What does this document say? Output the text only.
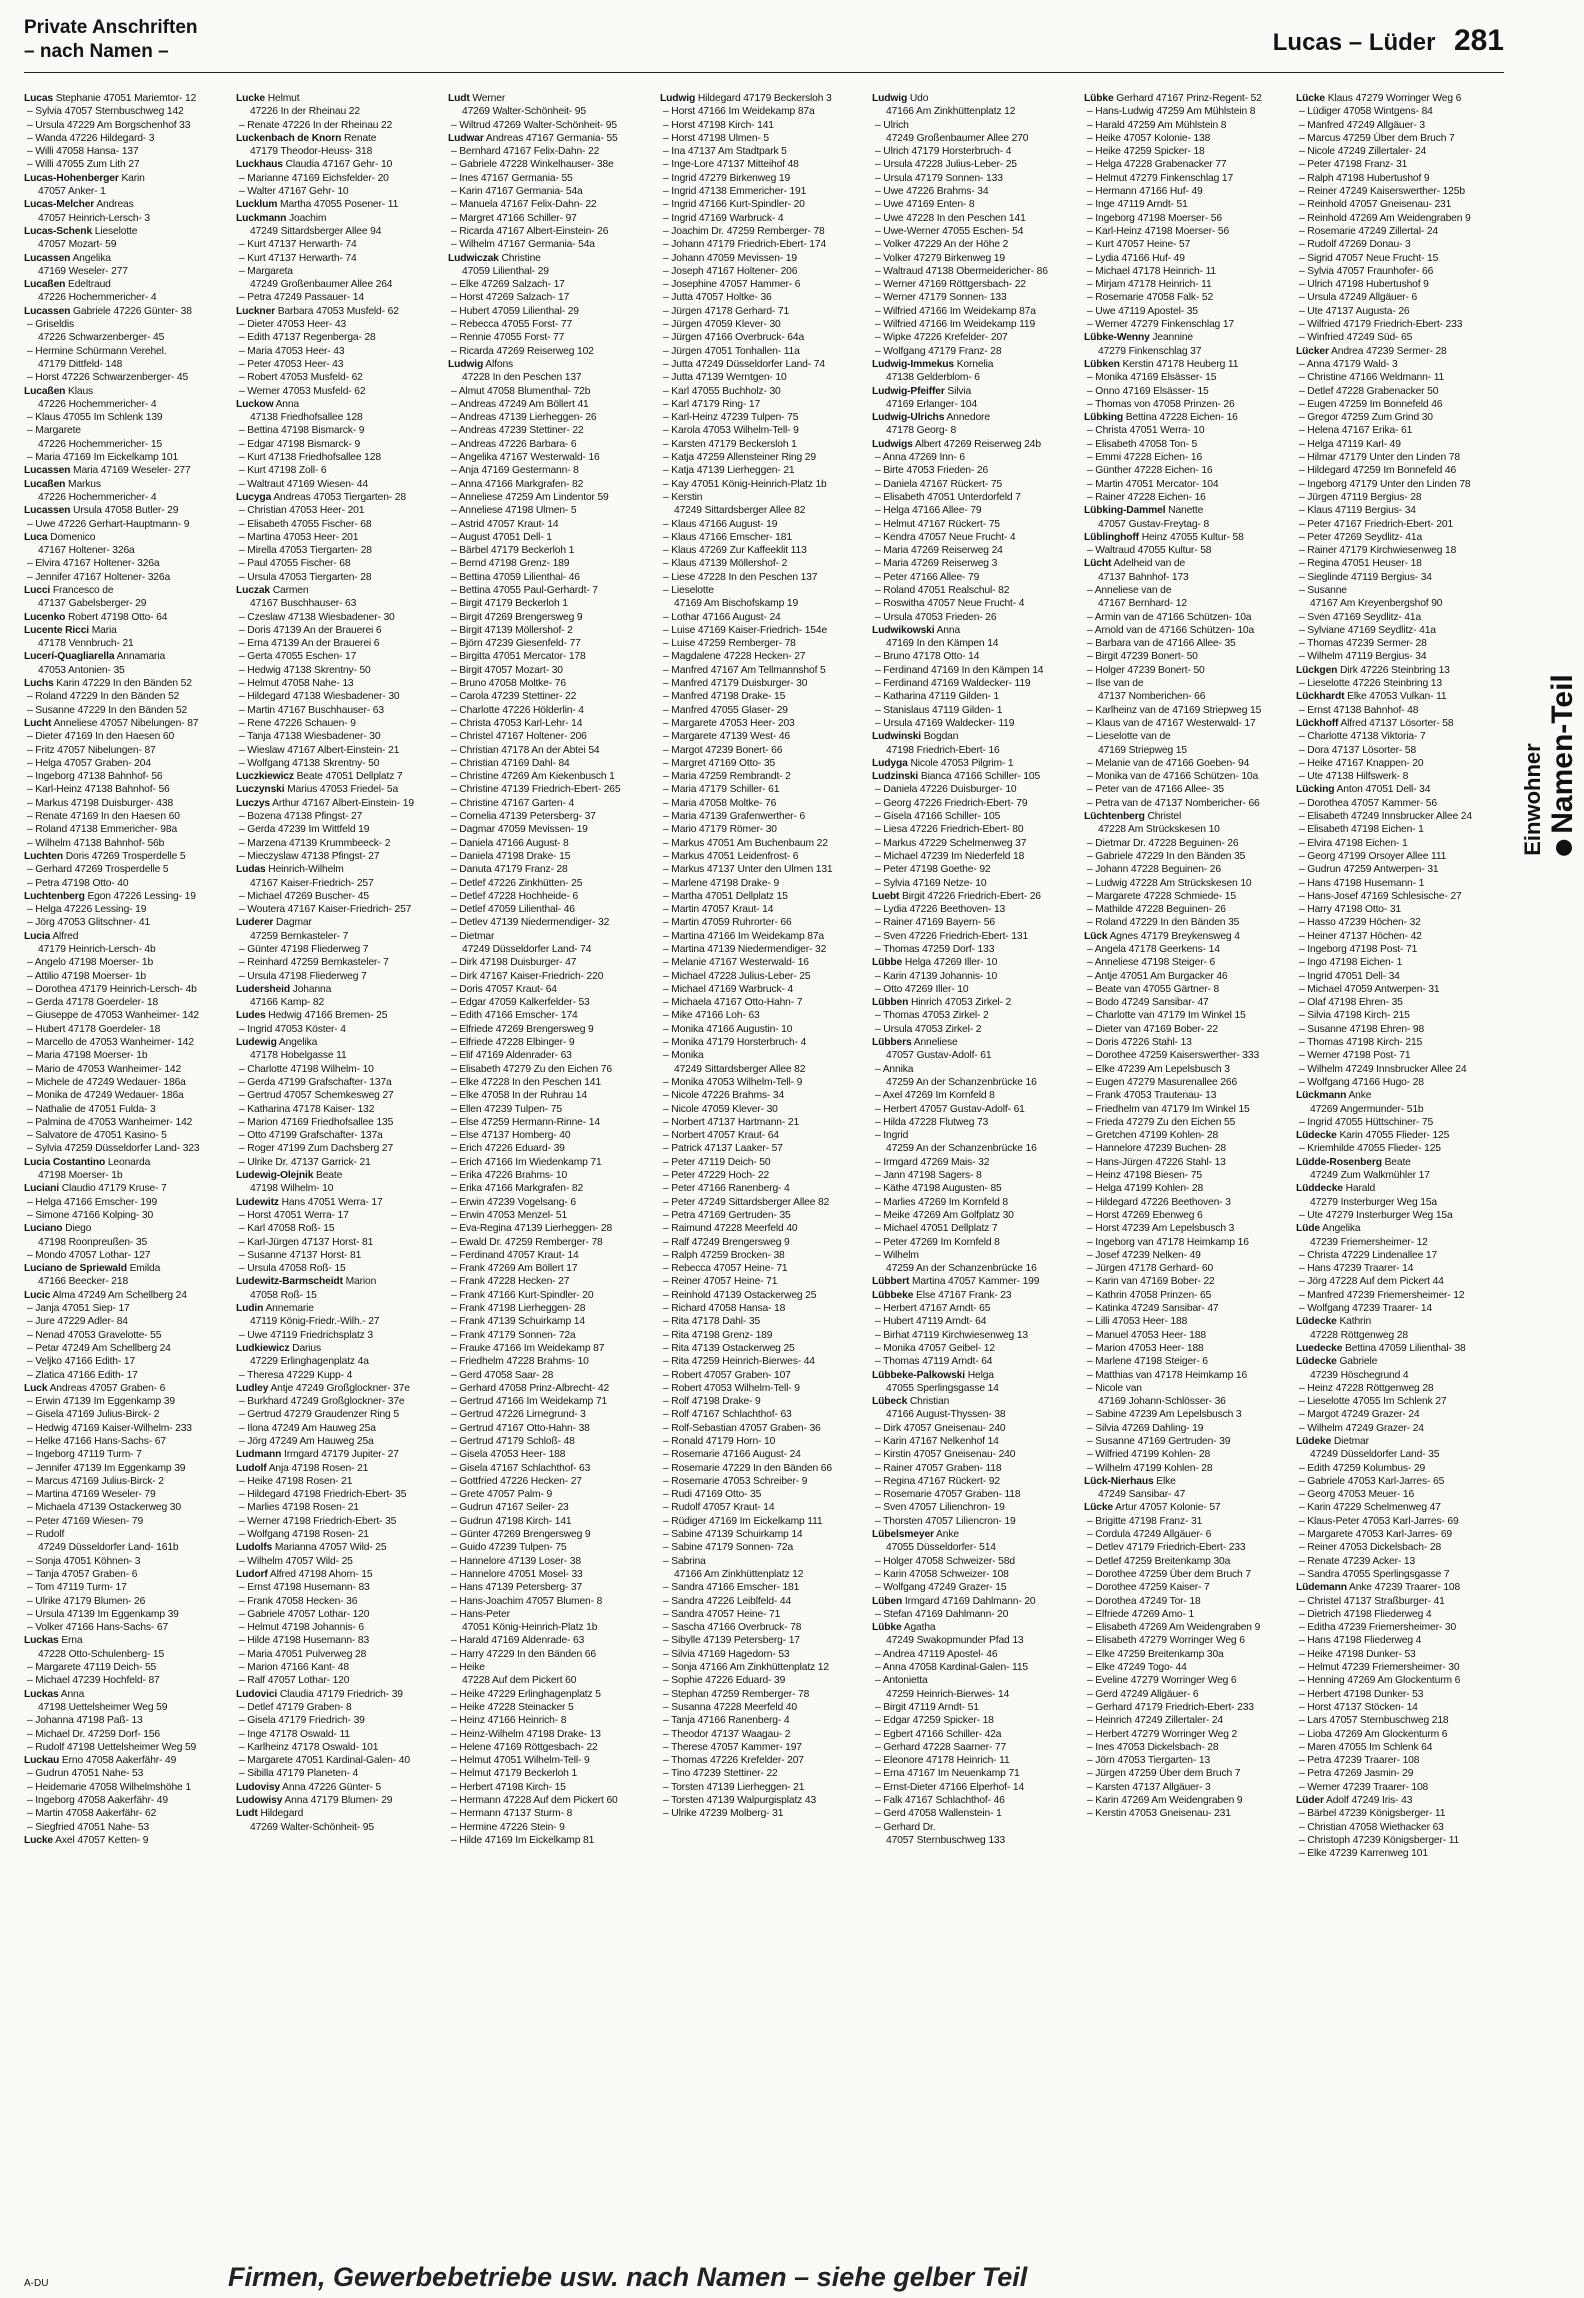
Private Anschriften
– nach Namen –	Lucas – Lüder 281
Lucas Stephanie 47051 Mariemtor- 12
– Sylvia 47057 Sternbuschweg 142
– Ursula 47229 Am Borgschenhof 33
– Wanda 47226 Hildegard- 3
– Willi 47058 Hansa- 137
– Willi 47055 Zum Lith 27
Lucas-Hohenberger Karin
47057 Anker- 1
Lucas-Melcher Andreas
47057 Heinrich-Lersch- 3
Lucas-Schenk Lieselotte
47057 Mozart- 59
Lucassen Angelika
47169 Weseler- 277
Lucaßen Edeltraud
47226 Hochemmericher- 4
Lucassen Gabriele 47226 Günter- 38
– Griseldis
47226 Schwarzenberger- 45
– Hermine Schürmann Verehel.
47179 Dittfeld- 148
– Horst 47226 Schwarzenberger- 45
Lucaßen Klaus
47226 Hochemmericher- 4
– Klaus 47055 Im Schlenk 139
– Margarete
47226 Hochemmericher- 15
– Maria 47169 Im Eickelkamp 101
Lucassen Maria 47169 Weseler- 277
Lucaßen Markus
47226 Hochemmericher- 4
Lucassen Ursula 47058 Butler- 29
– Uwe 47226 Gerhart-Hauptmann- 9
Luca Domenico
47167 Holtener- 326a
– Elvira 47167 Holtener- 326a
– Jennifer 47167 Holtener- 326a
Lucci Francesco de
47137 Gabelsberger- 29
Lucenko Robert 47198 Otto- 64
Lucente Ricci Maria
47178 Vennbruch- 21
Lucerí-Quagliarella Annamaria
47053 Antonien- 35
Luchs Karin 47229 In den Bänden 52
– Roland 47229 In den Bänden 52
– Susanne 47229 In den Bänden 52
Lucht Anneliese 47057 Nibelungen- 87
– Dieter 47169 In den Haesen 60
– Fritz 47057 Nibelungen- 87
– Helga 47057 Graben- 204
– Ingeborg 47138 Bahnhof- 56
– Karl-Heinz 47138 Bahnhof- 56
– Markus 47198 Duisburger- 438
– Renate 47169 In den Haesen 60
– Roland 47138 Emmericher- 98a
– Wilhelm 47138 Bahnhof- 56b
Luchten Doris 47269 Trosperdelle 5
– Gerhard 47269 Trosperdelle 5
– Petra 47198 Otto- 40
Luchtenberg Egon 47226 Lessing- 19
– Helga 47226 Lessing- 19
– Jörg 47053 Glitschner- 41
Lucia Alfred
47179 Heinrich-Lersch- 4b
– Angelo 47198 Moerser- 1b
– Attilio 47198 Moerser- 1b
– Dorothea 47179 Heinrich-Lersch- 4b
– Gerda 47178 Goerdeler- 18
– Giuseppe de 47053 Wanheimer- 142
– Hubert 47178 Goerdeler- 18
– Marcello de 47053 Wanheimer- 142
– Maria 47198 Moerser- 1b
– Mario de 47053 Wanheimer- 142
– Michele de 47249 Wedauer- 186a
– Monika de 47249 Wedauer- 186a
– Nathalie de 47051 Fulda- 3
– Palmina de 47053 Wanheimer- 142
– Salvatore de 47051 Kasino- 5
– Sylvia 47259 Düsseldorfer Land- 323
Lucia Costantino Leonarda
47198 Moerser- 1b
Luciani Claudio 47179 Kruse- 7
– Helga 47166 Emscher- 199
– Simone 47166 Kolping- 30
Luciano Diego
47198 Roonpreußen- 35
– Mondo 47057 Lothar- 127
Luciano de Spriewald Emilda
47166 Beecker- 218
Lucic Alma 47249 Am Schellberg 24
– Janja 47051 Siep- 17
– Jure 47229 Adler- 84
– Nenad 47053 Gravelotte- 55
– Petar 47249 Am Schellberg 24
– Veljko 47166 Edith- 17
– Zlatica 47166 Edith- 17
Luck Andreas 47057 Graben- 6
– Erwin 47139 Im Eggenkamp 39
– Gisela 47169 Julius-Birck- 2
– Hedwig 47169 Kaiser-Wilhelm- 233
– Helke 47166 Hans-Sachs- 67
– Ingeborg 47119 Turm- 7
– Jennifer 47139 Im Eggenkamp 39
– Marcus 47169 Julius-Birck- 2
– Martina 47169 Weseler- 79
– Michaela 47139 Ostackerweg 30
– Peter 47169 Wiesen- 79
– Rudolf
47249 Düsseldorfer Land- 161b
– Sonja 47051 Köhnen- 3
– Tanja 47057 Graben- 6
– Tom 47119 Turm- 17
– Ulrike 47179 Blumen- 26
– Ursula 47139 Im Eggenkamp 39
– Volker 47166 Hans-Sachs- 67
Luckas Erna
47228 Otto-Schulenberg- 15
– Margarete 47119 Deich- 55
– Michael 47239 Hochfeld- 87
Luckas Anna
47198 Uettelsheimer Weg 59
– Johanna 47198 Paß- 13
– Michael Dr. 47259 Dorf- 156
– Rudolf 47198 Uettelsheimer Weg 59
Luckau Erno 47058 Aakerfähr- 49
– Gudrun 47051 Nahe- 53
– Heidemarie 47058 Wilhelmshöhe 1
– Ingeborg 47058 Aakerfähr- 49
– Martin 47058 Aakerfähr- 62
– Siegfried 47051 Nahe- 53
Lucke Axel 47057 Ketten- 9
Lucke Helmut
47226 In der Rheinau 22
– Renate 47226 In der Rheinau 22
Luckenbach de Knorn Renate
47179 Theodor-Heuss- 318
Luckhaus Claudia 47167 Gehr- 10
– Marianne 47169 Eichsfelder- 20
– Walter 47167 Gehr- 10
Lucklum Martha 47055 Posener- 11
Luckmann Joachim
47249 Sittardsberger Allee 94
– Kurt 47137 Herwarth- 74
– Kurt 47137 Herwarth- 74
– Margareta
47249 Großenbaumer Allee 264
– Petra 47249 Passauer- 14
Luckner Barbara 47053 Musfeld- 62
– Dieter 47053 Heer- 43
– Edith 47137 Regenberga- 28
– Maria 47053 Heer- 43
– Peter 47053 Heer- 43
– Robert 47053 Musfeld- 62
– Werner 47053 Musfeld- 62
Luckow Anna
47138 Friedhofsallee 128
– Bettina 47198 Bismarck- 9
– Edgar 47198 Bismarck- 9
– Kurt 47138 Friedhofsallee 128
– Kurt 47198 Zoll- 6
– Waltraut 47169 Wiesen- 44
Lucyga Andreas 47053 Tiergarten- 28
– Christian 47053 Heer- 201
– Elisabeth 47055 Fischer- 68
– Martina 47053 Heer- 201
– Mirella 47053 Tiergarten- 28
– Paul 47055 Fischer- 68
– Ursula 47053 Tiergarten- 28
Luczak Carmen
47167 Buschhauser- 63
– Czeslaw 47138 Wiesbadener- 30
– Doris 47139 An der Brauerei 6
– Erna 47139 An der Brauerei 6
– Gerta 47055 Eschen- 17
– Hedwig 47138 Skrentny- 50
– Helmut 47058 Nahe- 13
– Hildegard 47138 Wiesbadener- 30
– Martin 47167 Buschhauser- 63
– Rene 47226 Schauen- 9
– Tanja 47138 Wiesbadener- 30
– Wieslaw 47167 Albert-Einstein- 21
– Wolfgang 47138 Skrentny- 50
Luczkiewicz Beate 47051 Dellplatz 7
Luczynski Marius 47053 Friedel- 5a
Luczys Arthur 47167 Albert-Einstein- 19
– Bozena 47138 Pfingst- 27
– Gerda 47239 Im Wittfeld 19
– Marzena 47139 Krummbeeck- 2
– Mieczyslaw 47138 Pfingst- 27
Ludas Heinrich-Wilhelm
47167 Kaiser-Friedrich- 257
– Michael 47269 Buscher- 45
– Woutera 47167 Kaiser-Friedrich- 257
Luderer Dagmar
47259 Bernkasteler- 7
– Günter 47198 Fliederweg 7
– Reinhard 47259 Bernkasteler- 7
– Ursula 47198 Fliederweg 7
Ludersheid Johanna
47166 Kamp- 82
Ludes Hedwig 47166 Bremen- 25
– Ingrid 47053 Köster- 4
Ludewig Angelika
47178 Hobelgasse 11
– Charlotte 47198 Wilhelm- 10
– Gerda 47199 Grafschafter- 137a
– Gertrud 47057 Schemkesweg 27
– Katharina 47178 Kaiser- 132
– Marion 47169 Friedhofsallee 135
– Otto 47199 Grafschafter- 137a
– Roger 47199 Zum Dachsberg 27
– Ulrike Dr. 47137 Garrick- 21
Ludewig-Olejnik Beate
47198 Wilhelm- 10
Ludewitz Hans 47051 Werra- 17
– Horst 47051 Werra- 17
– Karl 47058 Roß- 15
– Karl-Jürgen 47137 Horst- 81
– Susanne 47137 Horst- 81
– Ursula 47058 Roß- 15
Ludewitz-Barmscheidt Marion
47058 Roß- 15
Ludin Annemarie
47119 König-Friedr.-Wilh.- 27
– Uwe 47119 Friedrichsplatz 3
Ludkiewicz Darius
47229 Erlinghagenplatz 4a
– Theresa 47229 Kupp- 4
Ludley Antje 47249 Großglockner- 37e
– Burkhard 47249 Großglockner- 37e
– Gertrud 47279 Graudenzer Ring 5
– Ilona 47249 Am Hauweg 25a
– Jörg 47249 Am Hauweg 25a
Ludmann Irmgard 47179 Jupiter- 27
Ludolf Anja 47198 Rosen- 21
– Heike 47198 Rosen- 21
– Hildegard 47198 Friedrich-Ebert- 35
– Marlies 47198 Rosen- 21
– Werner 47198 Friedrich-Ebert- 35
– Wolfgang 47198 Rosen- 21
Ludolfs Marianna 47057 Wild- 25
– Wilhelm 47057 Wild- 25
Ludorf Alfred 47198 Ahorn- 15
– Ernst 47198 Husemann- 83
– Frank 47058 Hecken- 36
– Gabriele 47057 Lothar- 120
– Helmut 47198 Johannis- 6
– Hilde 47198 Husemann- 83
– Maria 47051 Pulverweg 28
– Marion 47166 Kant- 48
– Ralf 47057 Lothar- 120
Ludovici Claudia 47179 Friedrich- 39
– Detlef 47179 Graben- 8
– Gisela 47179 Friedrich- 39
– Inge 47178 Oswald- 11
– Karlheinz 47178 Oswald- 101
– Margarete 47051 Kardinal-Galen- 40
– Sibilla 47179 Planeten- 4
Ludovisy Anna 47226 Günter- 5
Ludowisy Anna 47179 Blumen- 29
Ludt Hildegard
47269 Walter-Schönheit- 95
Ludt Werner
47269 Walter-Schönheit- 95
– Wiltrud 47269 Walter-Schönheit- 95
Ludwar Andreas 47167 Germania- 55
– Bernhard 47167 Felix-Dahn- 22
– Gabriele 47228 Winkelhauser- 38e
– Ines 47167 Germania- 55
– Karin 47167 Germania- 54a
– Manuela 47167 Felix-Dahn- 22
– Margret 47166 Schiller- 97
– Ricarda 47167 Albert-Einstein- 26
– Wilhelm 47167 Germania- 54a
Ludwiczak Christine
47059 Lilienthal- 29
– Elke 47269 Salzach- 17
– Horst 47269 Salzach- 17
– Hubert 47059 Lilienthal- 29
– Rebecca 47055 Forst- 77
– Rennie 47055 Forst- 77
– Ricarda 47269 Reiserweg 102
Ludwig Alfons
47228 In den Peschen 137
– Almut 47058 Blumenthal- 72b
– Andreas 47249 Am Böllert 41
– Andreas 47139 Lierheggen- 26
– Andreas 47239 Stettiner- 22
– Andreas 47226 Barbara- 6
– Angelika 47167 Westerwald- 16
– Anja 47169 Gestermann- 8
– Anna 47166 Markgrafen- 82
– Anneliese 47259 Am Lindentor 59
– Anneliese 47198 Ulmen- 5
– Astrid 47057 Kraut- 14
– August 47051 Dell- 1
– Bärbel 47179 Beckerloh 1
– Bernd 47198 Grenz- 189
– Bettina 47059 Lilienthal- 46
– Bettina 47055 Paul-Gerhardt- 7
– Birgit 47179 Beckerloh 1
– Birgit 47269 Brengersweg 9
– Birgit 47139 Möllershof- 2
– Björn 47239 Giesenfeld- 77
– Birgitta 47051 Mercator- 178
– Birgit 47057 Mozart- 30
– Bruno 47058 Moltke- 76
– Carola 47239 Stettiner- 22
– Charlotte 47226 Hölderlin- 4
– Christa 47053 Karl-Lehr- 14
– Christel 47167 Holtener- 206
– Christian 47178 An der Abtei 54
– Christian 47169 Dahl- 84
– Christine 47269 Am Kiekenbusch 1
– Christine 47139 Friedrich-Ebert- 265
– Christine 47167 Garten- 4
– Cornelia 47139 Petersberg- 37
– Dagmar 47059 Mevissen- 19
– Daniela 47166 August- 8
– Daniela 47198 Drake- 15
– Danuta 47179 Franz- 28
– Detlef 47226 Zinkhütten- 25
– Detlef 47228 Hochheide- 6
– Detlef 47059 Lilienthal- 46
– Detlev 47139 Niedermendiger- 32
– Dietmar
47249 Düsseldorfer Land- 74
– Dirk 47198 Duisburger- 47
– Dirk 47167 Kaiser-Friedrich- 220
– Doris 47057 Kraut- 64
– Edgar 47059 Kalkerfelder- 53
– Edith 47166 Emscher- 174
– Elfriede 47269 Brengersweg 9
– Elfriede 47228 Elbinger- 9
– Elif 47169 Aldenrader- 63
– Elisabeth 47279 Zu den Eichen 76
– Elke 47228 In den Peschen 141
– Elke 47058 In der Ruhrau 14
– Ellen 47239 Tulpen- 75
– Else 47259 Hermann-Rinne- 14
– Else 47137 Homberg- 40
– Erich 47226 Eduard- 39
– Erich 47166 Im Wiedenkamp 71
– Erika 47226 Brahms- 10
– Erika 47166 Markgrafen- 82
– Erwin 47239 Vogelsang- 6
– Erwin 47053 Menzel- 51
– Eva-Regina 47139 Lierheggen- 28
– Ewald Dr. 47259 Remberger- 78
– Ferdinand 47057 Kraut- 14
– Frank 47269 Am Böllert 17
– Frank 47228 Hecken- 27
– Frank 47166 Kurt-Spindler- 20
– Frank 47198 Lierheggen- 28
– Frank 47139 Schuirkamp 14
– Frank 47179 Sonnen- 72a
– Frauke 47166 Im Weidekamp 87
– Friedhelm 47228 Brahms- 10
– Gerd 47058 Saar- 28
– Gerhard 47058 Prinz-Albrecht- 42
– Gertrud 47166 Im Weidekamp 71
– Gertrud 47226 Lirnegrund- 3
– Gertrud 47167 Otto-Hahn- 38
– Gertrud 47179 Schloß- 48
– Gisela 47053 Heer- 188
– Gisela 47167 Schlachthof- 63
– Gottfried 47226 Hecken- 27
– Grete 47057 Palm- 9
– Gudrun 47167 Seiler- 23
– Gudrun 47198 Kirch- 141
– Günter 47269 Brengersweg 9
– Guido 47239 Tulpen- 75
– Hannelore 47139 Loser- 38
– Hannelore 47051 Mosel- 33
– Hans 47139 Petersberg- 37
– Hans-Joachim 47057 Blumen- 8
– Hans-Peter
47051 König-Heinrich-Platz 1b
– Harald 47169 Aldenrade- 63
– Harry 47229 In den Bänden 66
– Heike
47228 Auf dem Pickert 60
– Heike 47229 Erlinghagenplatz 5
– Heike 47228 Steinacker 5
– Heinz 47166 Heinrich- 8
– Heinz-Wilhelm 47198 Drake- 13
– Helene 47169 Röttgesbach- 22
– Helmut 47051 Wilhelm-Tell- 9
– Helmut 47179 Beckerloh 1
– Herbert 47198 Kirch- 15
– Hermann 47228 Auf dem Pickert 60
– Hermann 47137 Sturm- 8
– Hermine 47226 Stein- 9
– Hilde 47169 Im Eickelkamp 81
Ludwig Hildegard 47179 Beckersloh 3
– Horst 47166 Im Weidekamp 87a
– Horst 47198 Kirch- 141
– Horst 47198 Ulmen- 5
– Ina 47137 Am Stadtpark 5
– Inge-Lore 47137 Mitteihof 48
– Ingrid 47279 Birkenweg 19
– Ingrid 47138 Emmericher- 191
– Ingrid 47166 Kurt-Spindler- 20
– Ingrid 47169 Warbruck- 4
– Joachim Dr. 47259 Remberger- 78
– Johann 47179 Friedrich-Ebert- 174
– Johann 47059 Mevissen- 19
– Joseph 47167 Holtener- 206
– Josephine 47057 Hammer- 6
– Jutta 47057 Holtke- 36
– Jürgen 47178 Gerhard- 71
– Jürgen 47059 Klever- 30
– Jürgen 47166 Overbruck- 64a
– Jürgen 47051 Tonhallen- 11a
– Jutta 47249 Düsseldorfer Land- 74
– Jutta 47139 Werntgen- 10
– Karl 47055 Buchholz- 30
– Karl 47179 Ring- 17
– Karl-Heinz 47239 Tulpen- 75
– Karola 47053 Wilhelm-Tell- 9
– Karsten 47179 Beckersloh 1
– Katja 47259 Allensteiner Ring 29
– Katja 47139 Lierheggen- 21
– Kay 47051 König-Heinrich-Platz 1b
– Kerstin
47249 Sittardsberger Allee 82
– Klaus 47166 August- 19
– Klaus 47166 Emscher- 181
– Klaus 47269 Zur Kaffeeklit 113
– Klaus 47139 Möllershof- 2
– Liese 47228 In den Peschen 137
– Lieselotte
47169 Am Bischofskamp 19
– Lothar 47166 August- 24
– Luise 47169 Kaiser-Friedrich- 154e
– Luise 47259 Remberger- 78
– Magdalene 47228 Hecken- 27
– Manfred 47167 Am Tellmannshof 5
– Manfred 47179 Duisburger- 30
– Manfred 47198 Drake- 15
– Manfred 47055 Glaser- 29
– Margarete 47053 Heer- 203
– Margarete 47139 West- 46
– Margot 47239 Bonert- 66
– Margret 47169 Otto- 35
– Maria 47259 Rembrandt- 2
– Maria 47179 Schiller- 61
– Maria 47058 Moltke- 76
– Maria 47139 Grafenwerther- 6
– Mario 47179 Römer- 30
– Markus 47051 Am Buchenbaum 22
– Markus 47051 Leidenfrost- 6
– Markus 47137 Unter den Ulmen 131
– Marlene 47198 Drake- 9
– Martha 47051 Dellplatz 15
– Martin 47057 Kraut- 14
– Martin 47059 Ruhrorter- 66
– Martina 47166 Im Weidekamp 87a
– Martina 47139 Niedermendiger- 32
– Melanie 47167 Westerwald- 16
– Michael 47228 Julius-Leber- 25
– Michael 47169 Warbruck- 4
– Michaela 47167 Otto-Hahn- 7
– Mike 47166 Loh- 63
– Monika 47166 Augustin- 10
– Monika 47179 Horsterbruch- 4
– Monika
47249 Sittardsberger Allee 82
– Monika 47053 Wilhelm-Tell- 9
– Nicole 47226 Brahms- 34
– Nicole 47059 Klever- 30
– Norbert 47137 Hartmann- 21
– Norbert 47057 Kraut- 64
– Patrick 47137 Laaker- 57
– Peter 47119 Deich- 50
– Peter 47229 Hoch- 22
– Peter 47166 Ranenberg- 4
– Peter 47249 Sittardsberger Allee 82
– Petra 47169 Gertruden- 35
– Raimund 47228 Meerfeld 40
– Ralf 47249 Brengersweg 9
– Ralph 47259 Brocken- 38
– Rebecca 47057 Heine- 71
– Reiner 47057 Heine- 71
– Reinhold 47139 Ostackerweg 25
– Richard 47058 Hansa- 18
– Rita 47178 Dahl- 35
– Rita 47198 Grenz- 189
– Rita 47139 Ostackerweg 25
– Rita 47259 Heinrich-Bierwes- 44
– Robert 47057 Graben- 107
– Robert 47053 Wilhelm-Tell- 9
– Rolf 47198 Drake- 9
– Rolf 47167 Schlachthof- 63
– Rolf-Sebastian 47057 Graben- 36
– Ronald 47179 Horn- 10
– Rosemarie 47166 August- 24
– Rosemarie 47229 In den Bänden 66
– Rosemarie 47053 Schreiber- 9
– Rudi 47169 Otto- 35
– Rudolf 47057 Kraut- 14
– Rüdiger 47169 Im Eickelkamp 111
– Sabine 47139 Schuirkamp 14
– Sabine 47179 Sonnen- 72a
– Sabrina
47166 Am Zinkhüttenplatz 12
– Sandra 47166 Emscher- 181
– Sandra 47226 Leiblfeld- 44
– Sandra 47057 Heine- 71
– Sascha 47166 Overbruck- 78
– Sibylle 47139 Petersberg- 17
– Silvia 47169 Hagedorn- 53
– Sonja 47166 Am Zinkhüttenplatz 12
– Sophie 47226 Eduard- 39
– Stephan 47259 Remberger- 78
– Susanna 47228 Meerfeld 40
– Tanja 47166 Ranenberg- 4
– Theodor 47137 Waagau- 2
– Therese 47057 Kammer- 197
– Thomas 47226 Krefelder- 207
– Tino 47239 Stettiner- 22
– Torsten 47139 Lierheggen- 21
– Torsten 47139 Walpurgisplatz 43
– Ulrike 47239 Molberg- 31
Ludwig Udo
47166 Am Zinkhüttenplatz 12
– Ulrich
47249 Großenbaumer Allee 270
– Ulrich 47179 Horsterbruch- 4
– Ursula 47228 Julius-Leber- 25
– Ursula 47179 Sonnen- 133
– Uwe 47226 Brahms- 34
– Uwe 47169 Enten- 8
– Uwe 47228 In den Peschen 141
– Uwe-Werner 47055 Eschen- 54
– Volker 47229 An der Höhe 2
– Volker 47279 Birkenweg 19
– Waltraud 47138 Obermeidericher- 86
– Werner 47169 Röttgersbach- 22
– Werner 47179 Sonnen- 133
– Wilfried 47166 Im Weidekamp 87a
– Wilfried 47166 Im Weidekamp 119
– Wipke 47226 Krefelder- 207
– Wolfgang 47179 Franz- 28
Ludwig-Immekus Kornelia
47138 Gelderblom- 6
Ludwig-Pfeiffer Silvia
47169 Erlanger- 104
Ludwig-Ulrichs Annedore
47178 Georg- 8
Ludwigs Albert 47269 Reiserweg 24b
– Anna 47269 Inn- 6
– Birte 47053 Frieden- 26
– Daniela 47167 Rückert- 75
– Elisabeth 47051 Unterdorfeld 7
– Helga 47166 Allee- 79
– Helmut 47167 Rückert- 75
– Kendra 47057 Neue Frucht- 4
– Maria 47269 Reiserweg 24
– Maria 47269 Reiserweg 3
– Peter 47166 Allee- 79
– Roland 47051 Realschul- 82
– Roswitha 47057 Neue Frucht- 4
– Ursula 47053 Frieden- 26
Ludwikowski Anna
47169 In den Kämpen 14
– Bruno 47178 Otto- 14
– Ferdinand 47169 In den Kämpen 14
– Ferdinand 47169 Waldecker- 119
– Katharina 47119 Gilden- 1
– Stanislaus 47119 Gilden- 1
– Ursula 47169 Waldecker- 119
Ludwinski Bogdan
47198 Friedrich-Ebert- 16
Ludyga Nicole 47053 Pilgrim- 1
Ludzinski Bianca 47166 Schiller- 105
– Daniela 47226 Duisburger- 10
– Georg 47226 Friedrich-Ebert- 79
– Gisela 47166 Schiller- 105
– Liesa 47226 Friedrich-Ebert- 80
– Markus 47229 Schelmenweg 37
– Michael 47239 Im Niederfeld 18
– Peter 47198 Goethe- 92
– Sylvia 47169 Netze- 10
Luebt Birgit 47226 Friedrich-Ebert- 26
– Lydia 47226 Beethoven- 13
– Rainer 47169 Bayern- 56
– Sven 47226 Friedrich-Ebert- 131
– Thomas 47259 Dorf- 133
Lübbe Helga 47269 Iller- 10
– Karin 47139 Johannis- 10
– Otto 47269 Iller- 10
Lübben Hinrich 47053 Zirkel- 2
– Thomas 47053 Zirkel- 2
– Ursula 47053 Zirkel- 2
Lübbers Anneliese
47057 Gustav-Adolf- 61
– Annika
47259 An der Schanzenbrücke 16
– Axel 47269 Im Kornfeld 8
– Herbert 47057 Gustav-Adolf- 61
– Hilda 47228 Flutweg 73
– Ingrid
47259 An der Schanzenbrücke 16
– Irmgard 47269 Mais- 32
– Jann 47198 Sagers- 8
– Käthe 47198 Augusten- 85
– Marlies 47269 Im Kornfeld 8
– Meike 47269 Am Golfplatz 30
– Michael 47051 Dellplatz 7
– Peter 47269 Im Kornfeld 8
– Wilhelm
47259 An der Schanzenbrücke 16
Lübbert Martina 47057 Kammer- 199
Lübbeke Else 47167 Frank- 23
– Herbert 47167 Arndt- 65
– Hubert 47119 Arndt- 64
– Birhat 47119 Kirchwiesenweg 13
– Monika 47057 Geibel- 12
– Thomas 47119 Arndt- 64
Lübbeke-Palkowski Helga
47055 Sperlingsgasse 14
Lübeck Christian
47166 August-Thyssen- 38
– Dirk 47057 Gneisenau- 240
– Karin 47167 Nelkenhof 14
– Kirstin 47057 Gneisenau- 240
– Rainer 47057 Graben- 118
– Regina 47167 Rückert- 92
– Rosemarie 47057 Graben- 118
– Sven 47057 Lilienchron- 19
– Thorsten 47057 Liliencron- 19
Lübelsmeyer Anke
47055 Düsseldorfer- 514
– Holger 47058 Schweizer- 58d
– Karin 47058 Schweizer- 108
– Wolfgang 47249 Grazer- 15
Lüben Irmgard 47169 Dahlmann- 20
– Stefan 47169 Dahlmann- 20
Lübke Agatha
47249 Swakopmunder Pfad 13
– Andrea 47119 Apostel- 46
– Anna 47058 Kardinal-Galen- 115
– Antonietta
47259 Heinrich-Bierwes- 14
– Birgit 47119 Arndt- 51
– Edgar 47259 Spicker- 18
– Egbert 47166 Schiller- 42a
– Gerhard 47228 Saarner- 77
– Eleonore 47178 Heinrich- 11
– Erna 47167 Im Neuenkamp 71
– Ernst-Dieter 47166 Elperhof- 14
– Falk 47167 Schlachthof- 46
– Gerd 47058 Wallenstein- 1
– Gerhard Dr.
47057 Sternbuschweg 133
Lübke Gerhard 47167 Prinz-Regent- 52
– Hans-Ludwig 47259 Am Mühlstein 8
– Harald 47259 Am Mühlstein 8
– Heike 47057 Kolonie- 138
– Heike 47259 Spicker- 18
– Helga 47228 Grabenacker 77
– Helmut 47279 Finkenschlag 17
– Hermann 47166 Huf- 49
– Inge 47119 Arndt- 51
– Ingeborg 47198 Moerser- 56
– Karl-Heinz 47198 Moerser- 56
– Kurt 47057 Heine- 57
– Lydia 47166 Huf- 49
– Michael 47178 Heinrich- 11
– Mirjam 47178 Heinrich- 11
– Rosemarie 47058 Falk- 52
– Uwe 47119 Apostel- 35
– Werner 47279 Finkenschlag 17
Lübke-Wenny Jeannine
47279 Finkenschlag 37
Lübken Kerstin 47178 Heuberg 11
– Monika 47169 Elsässer- 15
– Onno 47169 Elsässer- 15
– Thomas von 47058 Prinzen- 26
Lübking Bettina 47228 Eichen- 16
– Christa 47051 Werra- 10
– Elisabeth 47058 Ton- 5
– Emmi 47228 Eichen- 16
– Günther 47228 Eichen- 16
– Martin 47051 Mercator- 104
– Rainer 47228 Eichen- 16
Lübking-Dammel Nanette
47057 Gustav-Freytag- 8
Lüblinghoff Heinz 47055 Kultur- 58
– Waltraud 47055 Kultur- 58
Lücht Adelheid van de
47137 Bahnhof- 173
– Anneliese van de
47167 Bernhard- 12
– Armin van de 47166 Schützen- 10a
– Arnold van de 47166 Schützen- 10a
– Barbara van de 47166 Allee- 35
– Birgit 47239 Bonert- 50
– Holger 47239 Bonert- 50
– Ilse van de
47137 Nomberichen- 66
– Karlheinz van de 47169 Striepweg 15
– Klaus van de 47167 Westerwald- 17
– Lieselotte van de
47169 Striepweg 15
– Melanie van de 47166 Goeben- 94
– Monika van de 47166 Schützen- 10a
– Peter van de 47166 Allee- 35
– Petra van de 47137 Nombericher- 66
Lüchtenberg Christel
47228 Am Strückskesen 10
– Dietmar Dr. 47228 Beguinen- 26
– Gabriele 47229 In den Bänden 35
– Johann 47228 Beguinen- 26
– Ludwig 47228 Am Strückskesen 10
– Margarete 47228 Schmiede- 15
– Mathilde 47228 Beguinen- 26
– Roland 47229 In den Bänden 35
Lück Agnes 47179 Breykensweg 4
– Angela 47178 Geerkens- 14
– Anneliese 47198 Steiger- 6
– Antje 47051 Am Burgacker 46
– Beate van 47055 Gärtner- 8
– Bodo 47249 Sansibar- 47
– Charlotte van 47179 Im Winkel 15
– Dieter van 47169 Bober- 22
– Doris 47226 Stahl- 13
– Dorothee 47259 Kaiserswerther- 333
– Elke 47239 Am Lepelsbusch 3
– Eugen 47279 Masurenallee 266
– Frank 47053 Trautenau- 13
– Friedhelm van 47179 Im Winkel 15
– Frieda 47279 Zu den Eichen 55
– Gretchen 47199 Kohlen- 28
– Hannelore 47239 Buchen- 28
– Hans-Jürgen 47226 Stahl- 13
– Heinz 47198 Biesen- 75
– Helga 47199 Kohlen- 28
– Hildegard 47226 Beethoven- 3
– Horst 47269 Ebenweg 6
– Horst 47239 Am Lepelsbusch 3
– Ingeborg van 47178 Heimkamp 16
– Josef 47239 Nelken- 49
– Jürgen 47178 Gerhard- 60
– Karin van 47169 Bober- 22
– Kathrin 47058 Prinzen- 65
– Katinka 47249 Sansibar- 47
– Lilli 47053 Heer- 188
– Manuel 47053 Heer- 188
– Marion 47053 Heer- 188
– Marlene 47198 Steiger- 6
– Matthias van 47178 Heimkamp 16
– Nicole van
47169 Johann-Schlösser- 36
– Sabine 47239 Am Lepelsbusch 3
– Silvia 47269 Dahling- 19
– Susanne 47169 Gertruden- 39
– Wilfried 47199 Kohlen- 28
– Wilhelm 47199 Kohlen- 28
Lück-Nierhaus Elke
47249 Sansibar- 47
Lücke Artur 47057 Kolonie- 57
– Brigitte 47198 Franz- 31
– Cordula 47249 Allgäuer- 6
– Detlev 47179 Friedrich-Ebert- 233
– Detlef 47259 Breitenkamp 30a
– Dorothee 47259 Über dem Bruch 7
– Dorothee 47259 Kaiser- 7
– Dorothea 47249 Tor- 18
– Elfriede 47269 Amo- 1
– Elisabeth 47269 Am Weidengraben 9
– Elisabeth 47279 Worringer Weg 6
– Elke 47259 Breitenkamp 30a
– Elke 47249 Togo- 44
– Eveline 47279 Worringer Weg 6
– Gerd 47249 Allgäuer- 6
– Gerhard 47179 Friedrich-Ebert- 233
– Heinrich 47249 Zillertaler- 24
– Herbert 47279 Worringer Weg 2
– Ines 47053 Dickelsbach- 28
– Jörn 47053 Tiergarten- 13
– Jürgen 47259 Über dem Bruch 7
– Karsten 47137 Allgäuer- 3
– Karin 47269 Am Weidengraben 9
– Kerstin 47053 Gneisenau- 231
Lücke Klaus 47279 Worringer Weg 6
– Lüdiger 47058 Wintgens- 84
– Manfred 47249 Allgäuer- 3
– Marcus 47259 Über dem Bruch 7
– Nicole 47249 Zillertaler- 24
– Peter 47198 Franz- 31
– Ralph 47198 Hubertushof 9
– Reiner 47249 Kaiserswerther- 125b
– Reinhold 47057 Gneisenau- 231
– Reinhold 47269 Am Weidengraben 9
– Rosemarie 47249 Zillertal- 24
– Rudolf 47269 Donau- 3
– Sigrid 47057 Neue Frucht- 15
– Sylvia 47057 Fraunhofer- 66
– Ulrich 47198 Hubertushof 9
– Ursula 47249 Allgäuer- 6
– Ute 47137 Augusta- 26
– Wilfried 47179 Friedrich-Ebert- 233
– Winfried 47249 Süd- 65
Lücker Andrea 47239 Sermer- 28
– Anna 47179 Wald- 3
– Christine 47166 Weldmann- 11
– Detlef 47228 Grabenacker 50
– Eugen 47259 Im Bonnefeld 46
– Gregor 47259 Zum Grind 30
– Helena 47167 Erika- 61
– Helga 47119 Karl- 49
– Hilmar 47179 Unter den Linden 78
– Hildegard 47259 Im Bonnefeld 46
– Ingeborg 47179 Unter den Linden 78
– Jürgen 47119 Bergius- 28
– Klaus 47119 Bergius- 34
– Peter 47167 Friedrich-Ebert- 201
– Peter 47269 Seydlitz- 41a
– Rainer 47179 Kirchwiesenweg 18
– Regina 47051 Heuser- 18
– Sieglinde 47119 Bergius- 34
– Susanne
47167 Am Kreyenbergshof 90
– Sven 47169 Seydlitz- 41a
– Sylviane 47169 Seydlitz- 41a
– Thomas 47239 Sermer- 28
– Wilhelm 47119 Bergius- 34
Lückgen Dirk 47226 Steinbring 13
– Lieselotte 47226 Steinbring 13
Lückhardt Elke 47053 Vulkan- 11
– Ernst 47138 Bahnhof- 48
Lückhoff Alfred 47137 Lösorter- 58
– Charlotte 47138 Viktoria- 7
– Dora 47137 Lösorter- 58
– Heike 47167 Knappen- 20
– Ute 47138 Hilfswerk- 8
Lücking Anton 47051 Dell- 34
– Dorothea 47057 Kammer- 56
– Elisabeth 47249 Innsbrucker Allee 24
– Elisabeth 47198 Eichen- 1
– Elvira 47198 Eichen- 1
– Georg 47199 Orsoyer Allee 111
– Gudrun 47259 Antwerpen- 31
– Hans 47198 Husemann- 1
– Hans-Josef 47169 Schlesische- 27
– Harry 47198 Otto- 31
– Hasso 47239 Höchen- 32
– Heiner 47137 Höchen- 42
– Ingeborg 47198 Post- 71
– Ingo 47198 Eichen- 1
– Ingrid 47051 Dell- 34
– Michael 47059 Antwerpen- 31
– Olaf 47198 Ehren- 35
– Silvia 47198 Kirch- 215
– Susanne 47198 Ehren- 98
– Thomas 47198 Kirch- 215
– Werner 47198 Post- 71
– Wilhelm 47249 Innsbrucker Allee 24
– Wolfgang 47166 Hugo- 28
Lückmann Anke
47269 Angermunder- 51b
– Ingrid 47055 Hüttschiner- 75
Lüdecke Karin 47055 Flieder- 125
– Kriemhilde 47055 Flieder- 125
Lüdde-Rosenberg Beate
47249 Zum Walkmühler 17
Lüddecke Harald
47279 Insterburger Weg 15a
– Ute 47279 Insterburger Weg 15a
Lüde Angelika
47239 Friemersheimer- 12
– Christa 47229 Lindenallee 17
– Hans 47239 Traarer- 14
– Jörg 47228 Auf dem Pickert 44
– Manfred 47239 Friemersheimer- 12
– Wolfgang 47239 Traarer- 14
Lüdecke Kathrin
47228 Röttgenweg 28
Luedecke Bettina 47059 Lilienthal- 38
Lüdecke Gabriele
47239 Höschegrund 4
– Heinz 47228 Röttgenweg 28
– Lieselotte 47055 Im Schlenk 27
– Margot 47249 Grazer- 24
– Wilhelm 47249 Grazer- 24
Lüdeke Dietmar
47249 Düsseldorfer Land- 35
– Edith 47259 Kolumbus- 29
– Gabriele 47053 Karl-Jarres- 65
– Georg 47053 Meuer- 16
– Karin 47229 Schelmenweg 47
– Klaus-Peter 47053 Karl-Jarres- 69
– Margarete 47053 Karl-Jarres- 69
– Reiner 47053 Dickelsbach- 28
– Renate 47239 Acker- 13
– Sandra 47055 Sperlingsgasse 7
Lüdemann Anke 47239 Traarer- 108
– Christel 47137 Straßburger- 41
– Dietrich 47198 Fliederweg 4
– Editha 47239 Friemersheimer- 30
– Hans 47198 Fliederweg 4
– Heike 47198 Dunker- 53
– Helmut 47239 Friemersheimer- 30
– Henning 47269 Am Glockenturm 6
– Herbert 47198 Dunker- 53
– Horst 47137 Stöcken- 14
– Lars 47057 Sternbuschweg 218
– Lioba 47269 Am Glockenturm 6
– Maren 47055 Im Schlenk 64
– Petra 47239 Traarer- 108
– Petra 47269 Jasmin- 29
– Werner 47239 Traarer- 108
Lüder Adolf 47249 Iris- 43
– Bärbel 47239 Königsberger- 11
– Christian 47058 Wiethacker 63
– Christoph 47239 Königsberger- 11
– Elke 47239 Karrenweg 101
Einwohner Namen-Teil
A-DU	Firmen, Gewerbebetriebe usw. nach Namen – siehe gelber Teil
